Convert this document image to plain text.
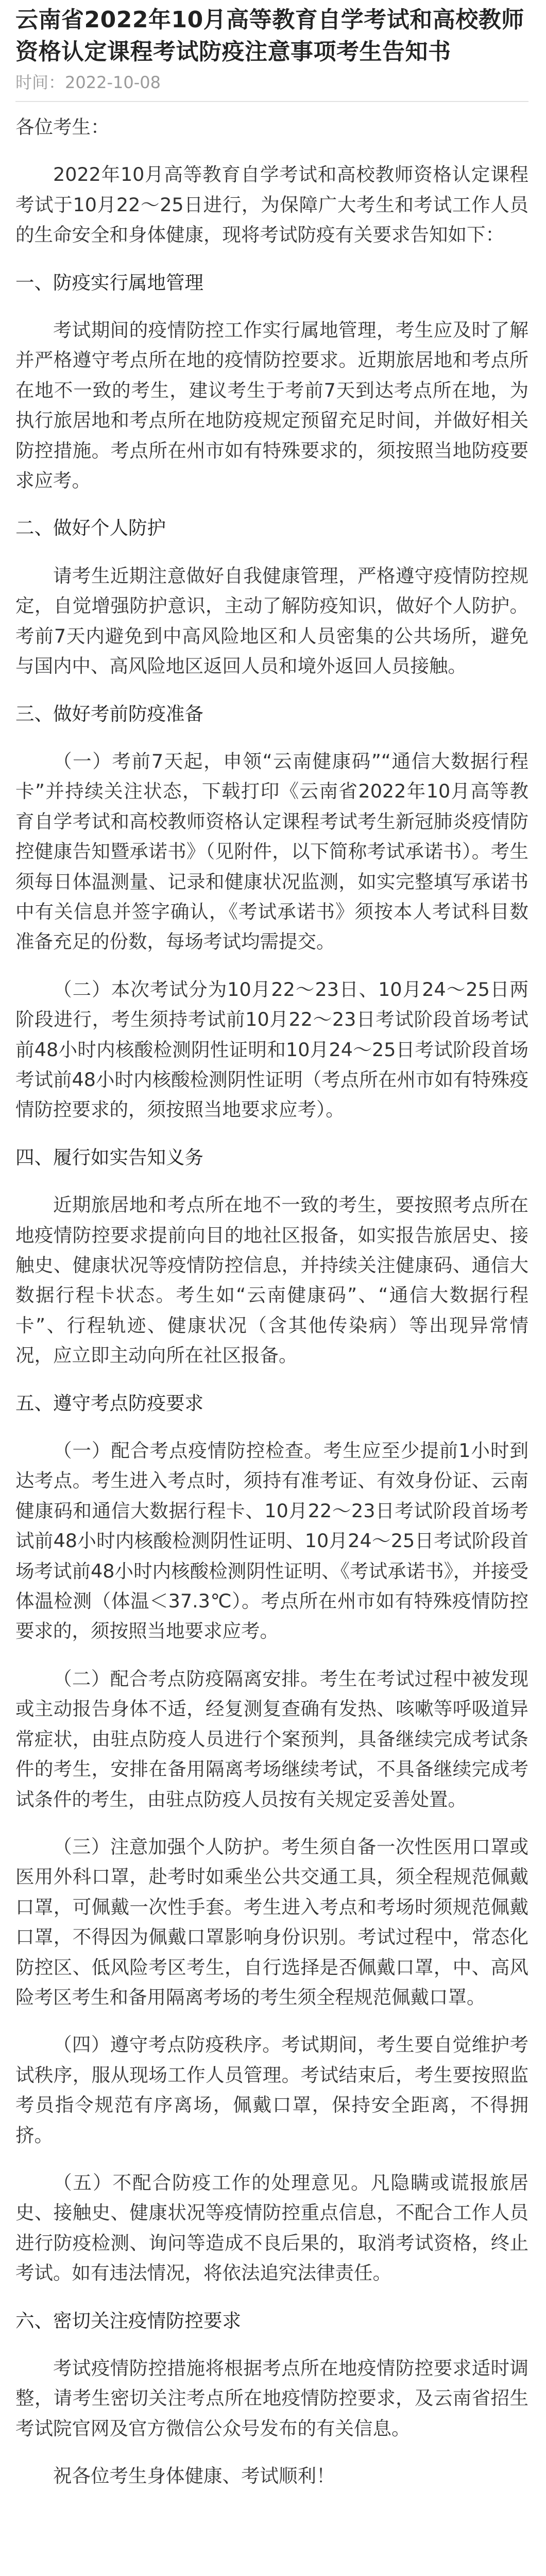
云南省2022年10月高等教育自学考试和高校教师资格认定课程考试防疫注意事项考生告知书
时间：2022-10-08
各位考生：
2022年10月高等教育自学考试和高校教师资格认定课程考试于10月22～25日进行，为保障广大考生和考试工作人员的生命安全和身体健康，现将考试防疫有关要求告知如下：
一、防疫实行属地管理
考试期间的疫情防控工作实行属地管理，考生应及时了解并严格遵守考点所在地的疫情防控要求。近期旅居地和考点所在地不一致的考生，建议考生于考前7天到达考点所在地，为执行旅居地和考点所在地防疫规定预留充足时间，并做好相关防控措施。考点所在州市如有特殊要求的，须按照当地防疫要求应考。
二、做好个人防护
请考生近期注意做好自我健康管理，严格遵守疫情防控规定，自觉增强防护意识，主动了解防疫知识，做好个人防护。考前7天内避免到中高风险地区和人员密集的公共场所，避免与国内中、高风险地区返回人员和境外返回人员接触。
三、做好考前防疫准备
（一）考前7天起，申领“云南健康码”“通信大数据行程卡”并持续关注状态，下载打印《云南省2022年10月高等教育自学考试和高校教师资格认定课程考试考生新冠肺炎疫情防控健康告知暨承诺书》（见附件，以下简称考试承诺书）。考生须每日体温测量、记录和健康状况监测，如实完整填写承诺书中有关信息并签字确认，《考试承诺书》须按本人考试科目数准备充足的份数，每场考试均需提交。
（二）本次考试分为10月22～23日、10月24～25日两阶段进行，考生须持考试前10月22～23日考试阶段首场考试前48小时内核酸检测阴性证明和10月24～25日考试阶段首场考试前48小时内核酸检测阴性证明（考点所在州市如有特殊疫情防控要求的，须按照当地要求应考）。
四、履行如实告知义务
近期旅居地和考点所在地不一致的考生，要按照考点所在地疫情防控要求提前向目的地社区报备，如实报告旅居史、接触史、健康状况等疫情防控信息，并持续关注健康码、通信大数据行程卡状态。考生如“云南健康码”、“通信大数据行程卡”、行程轨迹、健康状况（含其他传染病）等出现异常情况，应立即主动向所在社区报备。
五、遵守考点防疫要求
（一）配合考点疫情防控检查。考生应至少提前1小时到达考点。考生进入考点时，须持有准考证、有效身份证、云南健康码和通信大数据行程卡、10月22～23日考试阶段首场考试前48小时内核酸检测阴性证明、10月24～25日考试阶段首场考试前48小时内核酸检测阴性证明、《考试承诺书》，并接受体温检测（体温＜37.3℃）。考点所在州市如有特殊疫情防控要求的，须按照当地要求应考。
（二）配合考点防疫隔离安排。考生在考试过程中被发现或主动报告身体不适，经复测复查确有发热、咳嗽等呼吸道异常症状，由驻点防疫人员进行个案预判，具备继续完成考试条件的考生，安排在备用隔离考场继续考试，不具备继续完成考试条件的考生，由驻点防疫人员按有关规定妥善处置。
（三）注意加强个人防护。考生须自备一次性医用口罩或医用外科口罩，赴考时如乘坐公共交通工具，须全程规范佩戴口罩，可佩戴一次性手套。考生进入考点和考场时须规范佩戴口罩，不得因为佩戴口罩影响身份识别。考试过程中，常态化防控区、低风险考区考生，自行选择是否佩戴口罩，中、高风险考区考生和备用隔离考场的考生须全程规范佩戴口罩。
（四）遵守考点防疫秩序。考试期间，考生要自觉维护考试秩序，服从现场工作人员管理。考试结束后，考生要按照监考员指令规范有序离场，佩戴口罩，保持安全距离，不得拥挤。
（五）不配合防疫工作的处理意见。凡隐瞒或谎报旅居史、接触史、健康状况等疫情防控重点信息，不配合工作人员进行防疫检测、询问等造成不良后果的，取消考试资格，终止考试。如有违法情况，将依法追究法律责任。
六、密切关注疫情防控要求
考试疫情防控措施将根据考点所在地疫情防控要求适时调整，请考生密切关注考点所在地疫情防控要求，及云南省招生考试院官网及官方微信公众号发布的有关信息。
祝各位考生身体健康、考试顺利！
